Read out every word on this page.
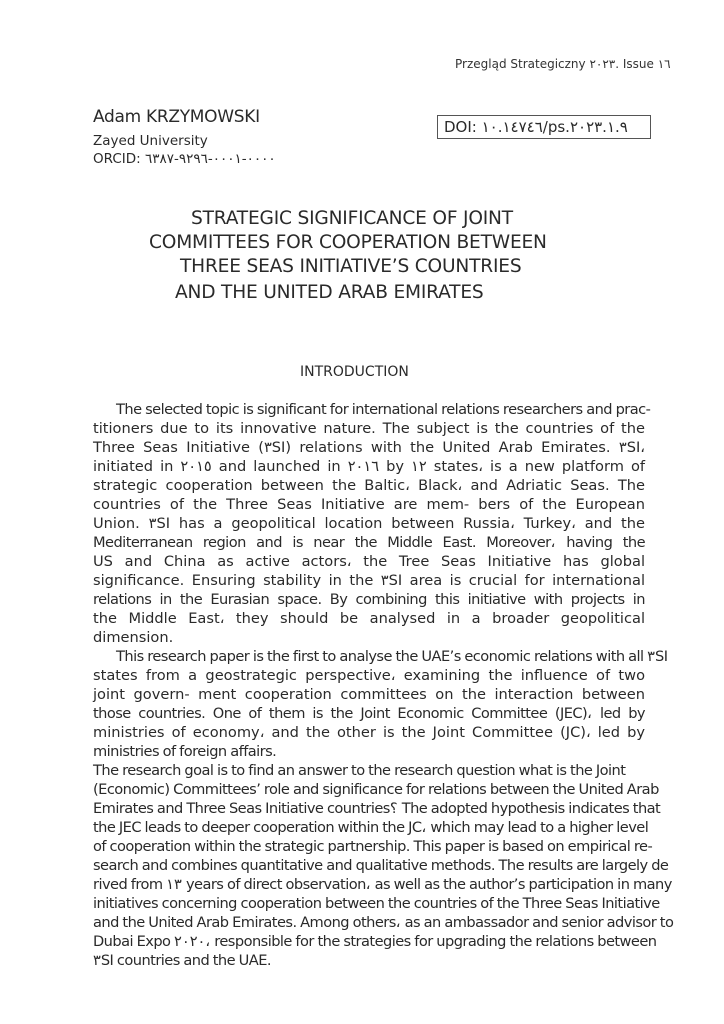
Przegląd Strategiczny ٢٠٢٣. Issue ١٦
Adam KRZYMOWSKI
Zayed University
ORCID: ٠٠٠٠-٠٠٠١-٩٢٩٦-٦٣٨٧
DOI: ١٠.١٤٧٤٦/ps.٢٠٢٣.١.٩
STRATEGIC SIGNIFICANCE OF JOINT
COMMITTEES FOR COOPERATION BETWEEN
THREE SEAS INITIATIVE’S COUNTRIES
AND THE UNITED ARAB EMIRATES
INTRODUCTION
The selected topic is significant for international relations researchers and prac-
titioners due to its innovative nature. The subject is the countries of the
Three Seas Initiative (٣SI) relations with the United Arab Emirates. ٣SI،
initiated in ٢٠١٥ and launched in ٢٠١٦ by ١٢ states، is a new platform of
strategic cooperation between the Baltic، Black، and Adriatic Seas. The
countries of the Three Seas Initiative are mem- bers of the European
Union. ٣SI has a geopolitical location between Russia، Turkey، and the
Mediterranean region and is near the Middle East. Moreover، having the
US and China as active actors، the Tree Seas Initiative has global
significance. Ensuring stability in the ٣SI area is crucial for international
relations in the Eurasian space. By combining this initiative with projects in
the Middle East، they should be analysed in a broader geopolitical
dimension.
This research paper is the first to analyse the UAE’s economic relations with all ٣SI
states from a geostrategic perspective، examining the influence of two
joint govern- ment cooperation committees on the interaction between
those countries. One of them is the Joint Economic Committee (JEC)، led by
ministries of economy، and the other is the Joint Committee (JC)، led by
ministries of foreign affairs.
The research goal is to find an answer to the research question what is the Joint
(Economic) Committees’ role and significance for relations between the United Arab
Emirates and Three Seas Initiative countries؟ The adopted hypothesis indicates that
the JEC leads to deeper cooperation within the JC، which may lead to a higher level
of cooperation within the strategic partnership. This paper is based on empirical re-
search and combines quantitative and qualitative methods. The results are largely de
rived from ١٣ years of direct observation، as well as the author’s participation in many
initiatives concerning cooperation between the countries of the Three Seas Initiative
and the United Arab Emirates. Among others، as an ambassador and senior advisor to
Dubai Expo ٢٠٢٠، responsible for the strategies for upgrading the relations between
٣SI countries and the UAE.
